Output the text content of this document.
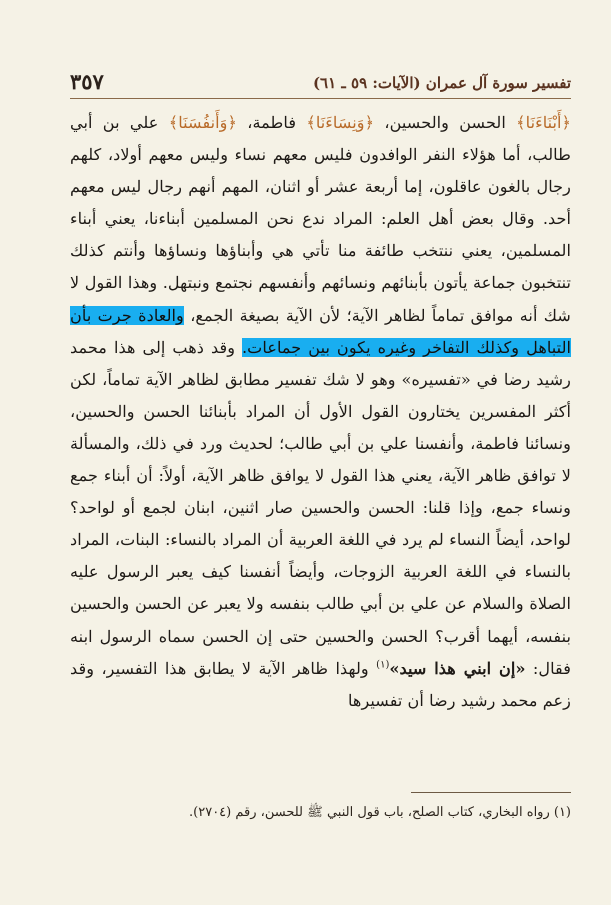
تفسير سورة آل عمران (الآيات: ٥٩ ـ ٦١)
٣٥٧

﴿أَبْنَاءَنَا﴾ الحسن والحسين، ﴿وَنِسَاءَنَا﴾ فاطمة، ﴿وَأَنفُسَنَا﴾ علي بن أبي طالب، أما هؤلاء النفر الوافدون فليس معهم نساء وليس معهم أولاد، كلهم رجال بالغون عاقلون، إما أربعة عشر أو اثنان، المهم أنهم رجال ليس معهم أحد. وقال بعض أهل العلم: المراد ندع نحن المسلمين أبناءنا، يعني أبناء المسلمين، يعني ننتخب طائفة منا تأتي هي وأبناؤها ونساؤها وأنتم كذلك تنتخبون جماعة يأتون بأبنائهم ونسائهم وأنفسهم نجتمع ونبتهل. وهذا القول لا شك أنه موافق تماماً لظاهر الآية؛ لأن الآية بصيغة الجمع، والعادة جرت بأن التباهل وكذلك التفاخر وغيره يكون بين جماعات. وقد ذهب إلى هذا محمد رشيد رضا في «تفسيره» وهو لا شك تفسير مطابق لظاهر الآية تماماً، لكن أكثر المفسرين يختارون القول الأول أن المراد بأبنائنا الحسن والحسين، ونسائنا فاطمة، وأنفسنا علي بن أبي طالب؛ لحديث ورد في ذلك، والمسألة لا توافق ظاهر الآية، يعني هذا القول لا يوافق ظاهر الآية، أولاً: أن أبناء جمع ونساء جمع، وإذا قلنا: الحسن والحسين صار اثنين، ابنان لجمع أو لواحد؟ لواحد، أيضاً النساء لم يرد في اللغة العربية أن المراد بالنساء: البنات، المراد بالنساء في اللغة العربية الزوجات، وأيضاً أنفسنا كيف يعبر الرسول عليه الصلاة والسلام عن علي بن أبي طالب بنفسه ولا يعبر عن الحسن والحسين بنفسه، أيهما أقرب؟ الحسن والحسين حتى إن الحسن سماه الرسول ابنه فقال: «إن ابني هذا سيد»$^{(١)}$ ولهذا ظاهر الآية لا يطابق هذا التفسير، وقد زعم محمد رشيد رضا أن تفسيرها

(١) رواه البخاري، كتاب الصلح، باب قول النبي ﷺ للحسن، رقم (٢٧٠٤).
